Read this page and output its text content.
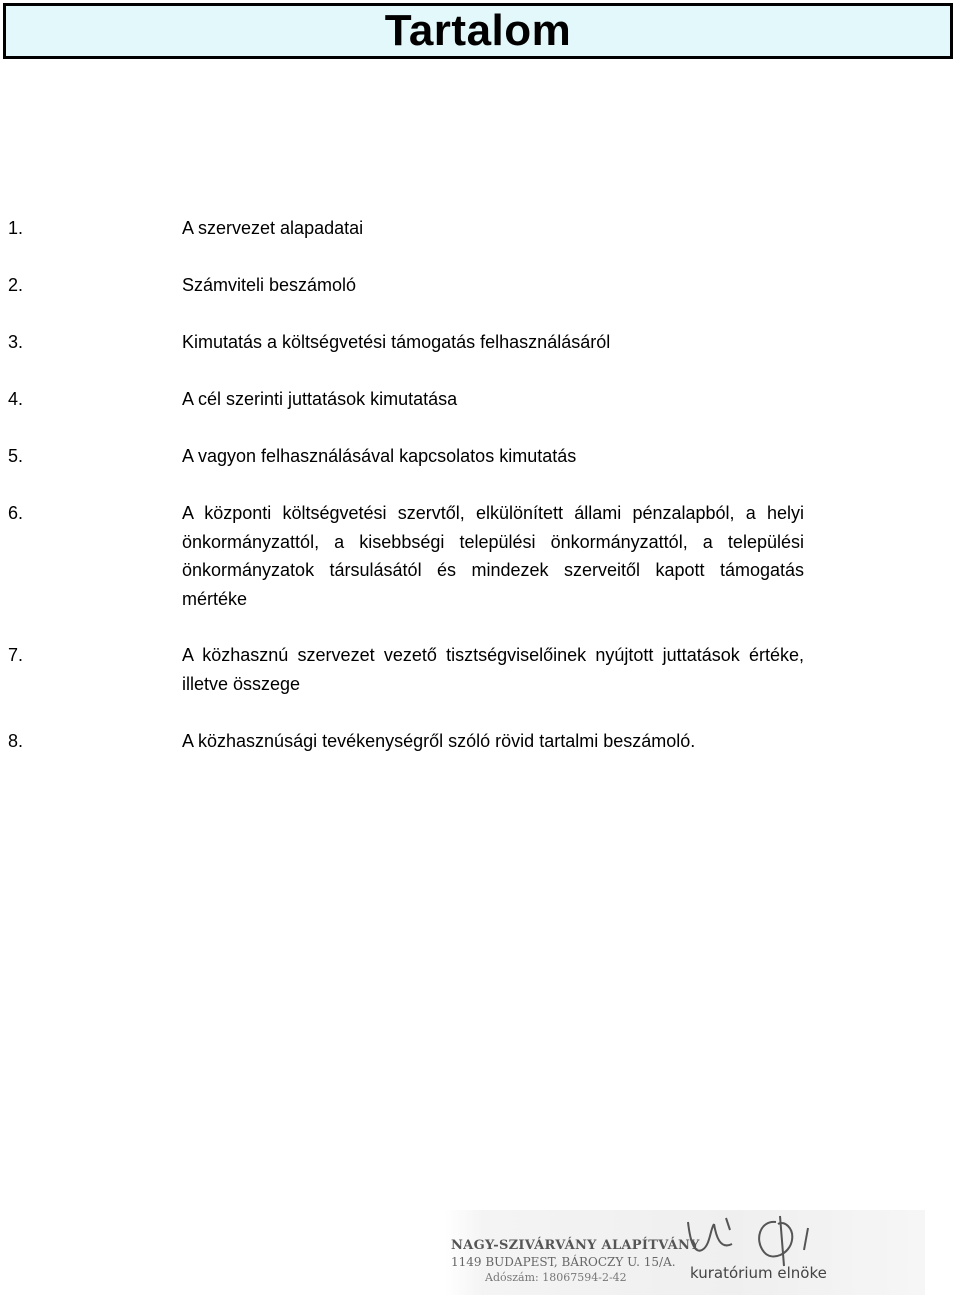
Tartalom
1.	A szervezet alapadatai
2.	Számviteli beszámoló
3.	Kimutatás a költségvetési támogatás felhasználásáról
4.	A cél szerinti juttatások kimutatása
5.	A vagyon felhasználásával kapcsolatos kimutatás
6.	A központi költségvetési szervtől, elkülönített állami pénzalapból, a helyi önkormányzattól, a kisebbségi települési önkormányzattól, a települési önkormányzatok társulásától és mindezek szerveitől kapott támogatás mértéke
7.	A közhasznú szervezet vezető tisztségviselőinek nyújtott juttatások értéke, illetve összege
8.	A közhasznúsági tevékenységről szóló rövid tartalmi beszámoló.
NAGY-SZIVÁRVÁNY ALAPÍTVÁNY
1149 BUDAPEST, BÁROCZY U. 15/A.
Adószám: 18067594-2-42	kuratórium elnöke
